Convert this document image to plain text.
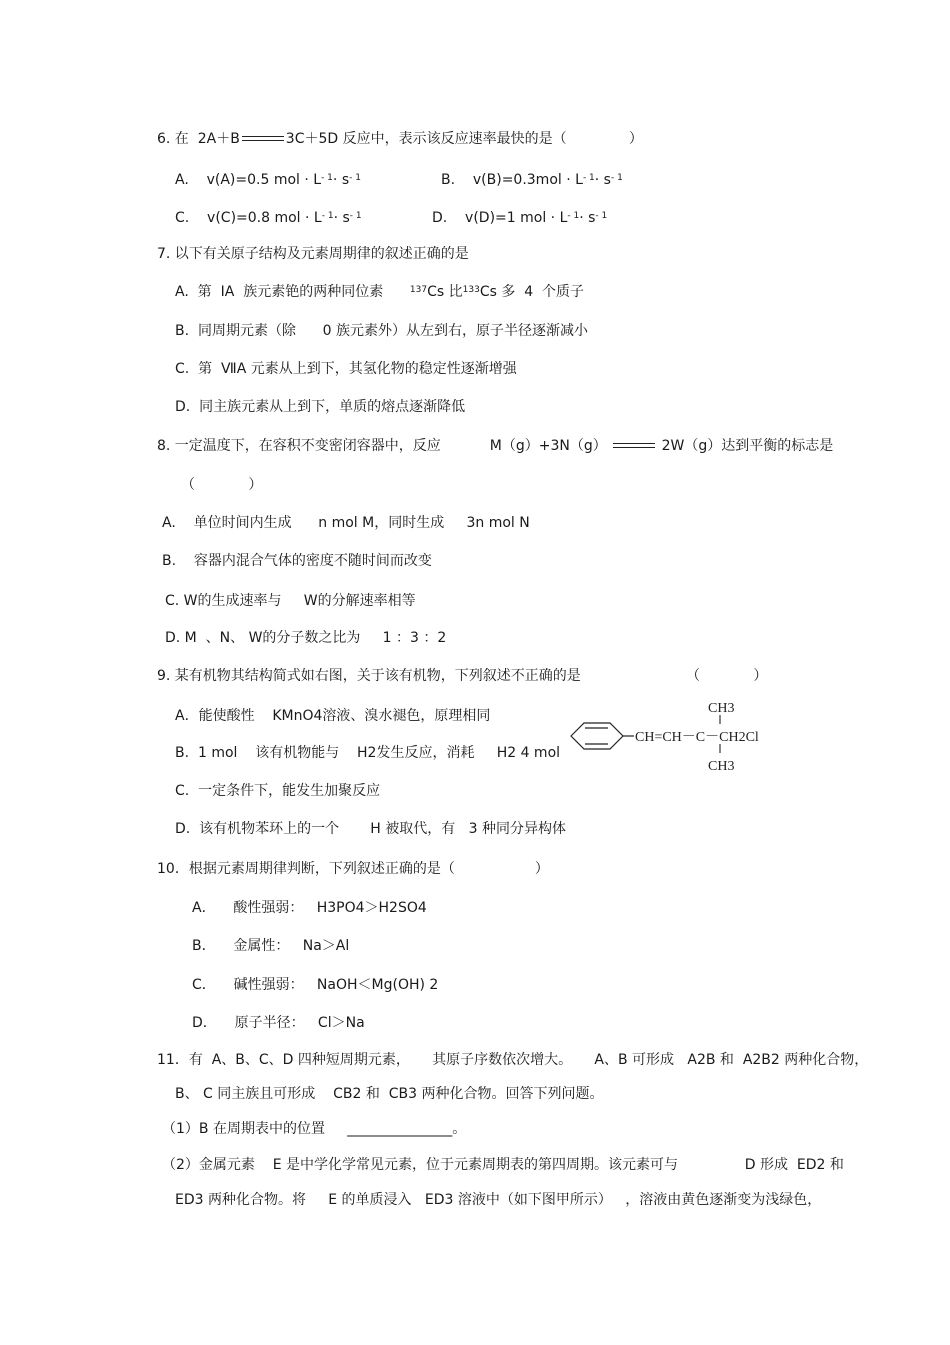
6. 在  2A＋B	3C＋5D 反应中，表示该反应速率最快的是（              ）
A. v(A)=0.5 mol · $L^{- 1}\cdot s^{- 1}$	B. $v(B)=0.3mol \cdot L^{- 1}\cdot s^{- 1}$
C. v(C)=0.8 mol · $L^{- 1}\cdot s^{- 1}$	D. v(D)=1 mol · $L^{- 1}\cdot s^{- 1}$
7. 以下有关原子结构及元素周期律的叙述正确的是
A.  第  IA  族元素铯的两种同位素	$^{137}$Cs 比$^{133}$Cs 多  4  个质子
B.  同周期元素（除      0 族元素外）从左到右，原子半径逐渐减小
C.  第  ⅦA 元素从上到下，其氢化物的稳定性逐渐增强
D.  同主族元素从上到下，单质的熔点逐渐降低
8. 一定温度下，在容积不变密闭容器中，反应           M（g）+3N（g）	2W（g）达到平衡的标志是
（            ）
A.    单位时间内生成      n mol M，同时生成     3n mol N
B.    容器内混合气体的密度不随时间而改变
C. W的生成速率与     W的分解速率相等
D. M  、N、 W的分子数之比为     1 ：3 ：2
9. 某有机物其结构简式如右图，关于该有机物，下列叙述不正确的是	（            ）
A．能使酸性    KMnO4溶液、溴水褪色，原理相同
B.  1 mol    该有机物能与    H2发生反应，消耗     H2 4 mol
C.  一定条件下，能发生加聚反应
D.  该有机物苯环上的一个       H 被取代，有   3 种同分异构体
CH3
CH=CH－C－CH2Cl
CH3
10．根据元素周期律判断，下列叙述正确的是（                  ）
A．    酸性强弱：   H3PO4＞H2SO4
B．    金属性：   Na＞Al
C．    碱性强弱：   NaOH＜Mg(OH) 2
D．    原子半径：   Cl＞Na
11．有  A、B、C、D 四种短周期元素，     其原子序数依次增大。     A、B 可形成   A2B 和  A2B2 两种化合物，
B、 C 同主族且可形成    CB2 和  CB3 两种化合物。回答下列问题。
（1）B 在周期表中的位置     _______________。
（2）金属元素    E 是中学化学常见元素，位于元素周期表的第四周期。该元素可与               D 形成  ED2 和
ED3 两种化合物。将     E 的单质浸入   ED3 溶液中（如下图甲所示）   ，溶液由黄色逐渐变为浅绿色，
